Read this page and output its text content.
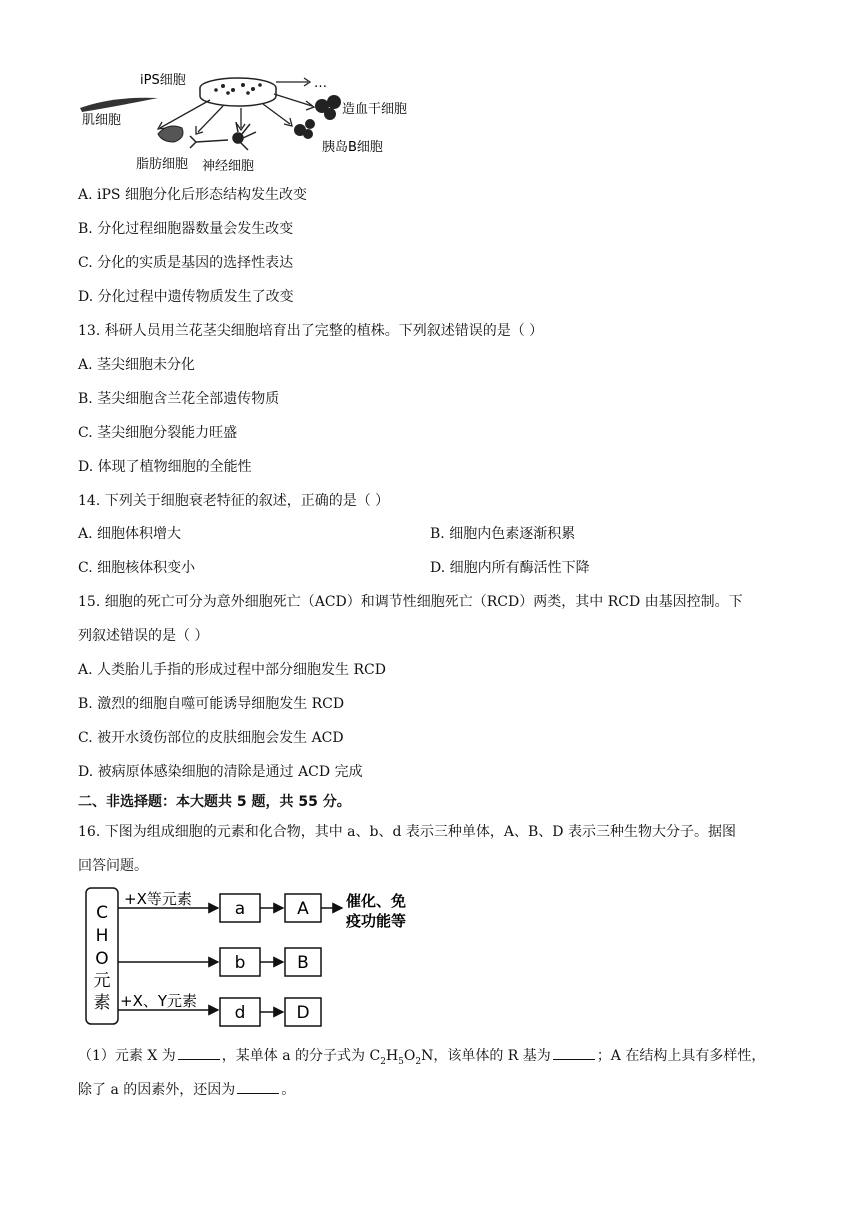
iPS细胞	…
肌细胞
脂肪细胞 神经细胞
胰岛B细胞
造血干细胞
A. iPS 细胞分化后形态结构发生改变
B. 分化过程细胞器数量会发生改变
C. 分化的实质是基因的选择性表达
D. 分化过程中遗传物质发生了改变
13. 科研人员用兰花茎尖细胞培育出了完整的植株。下列叙述错误的是（ ）
A. 茎尖细胞未分化
B. 茎尖细胞含兰花全部遗传物质
C. 茎尖细胞分裂能力旺盛
D. 体现了植物细胞的全能性
14. 下列关于细胞衰老特征的叙述，正确的是（ ）
A. 细胞体积增大	B. 细胞内色素逐渐积累
C. 细胞核体积变小	D. 细胞内所有酶活性下降
15. 细胞的死亡可分为意外细胞死亡（ACD）和调节性细胞死亡（RCD）两类，其中 RCD 由基因控制。下
列叙述错误的是（ ）
A. 人类胎儿手指的形成过程中部分细胞发生 RCD
B. 激烈的细胞自噬可能诱导细胞发生 RCD
C. 被开水烫伤部位的皮肤细胞会发生 ACD
D. 被病原体感染细胞的清除是通过 ACD 完成
二、非选择题：本大题共 5 题，共 55 分。
16. 下图为组成细胞的元素和化合物，其中 a、b、d 表示三种单体，A、B、D 表示三种生物大分子。据图
回答问题。
C
H
O
元
素
+X等元素	a	A 催化、免
疫功能等
b	B
+X、Y元素
d	D
（1）元素 X 为	，某单体 a 的分子式为 $C_2H_5O_2N$，该单体的 R 基为	；A 在结构上具有多样性，
除了 a 的因素外，还因为	。
